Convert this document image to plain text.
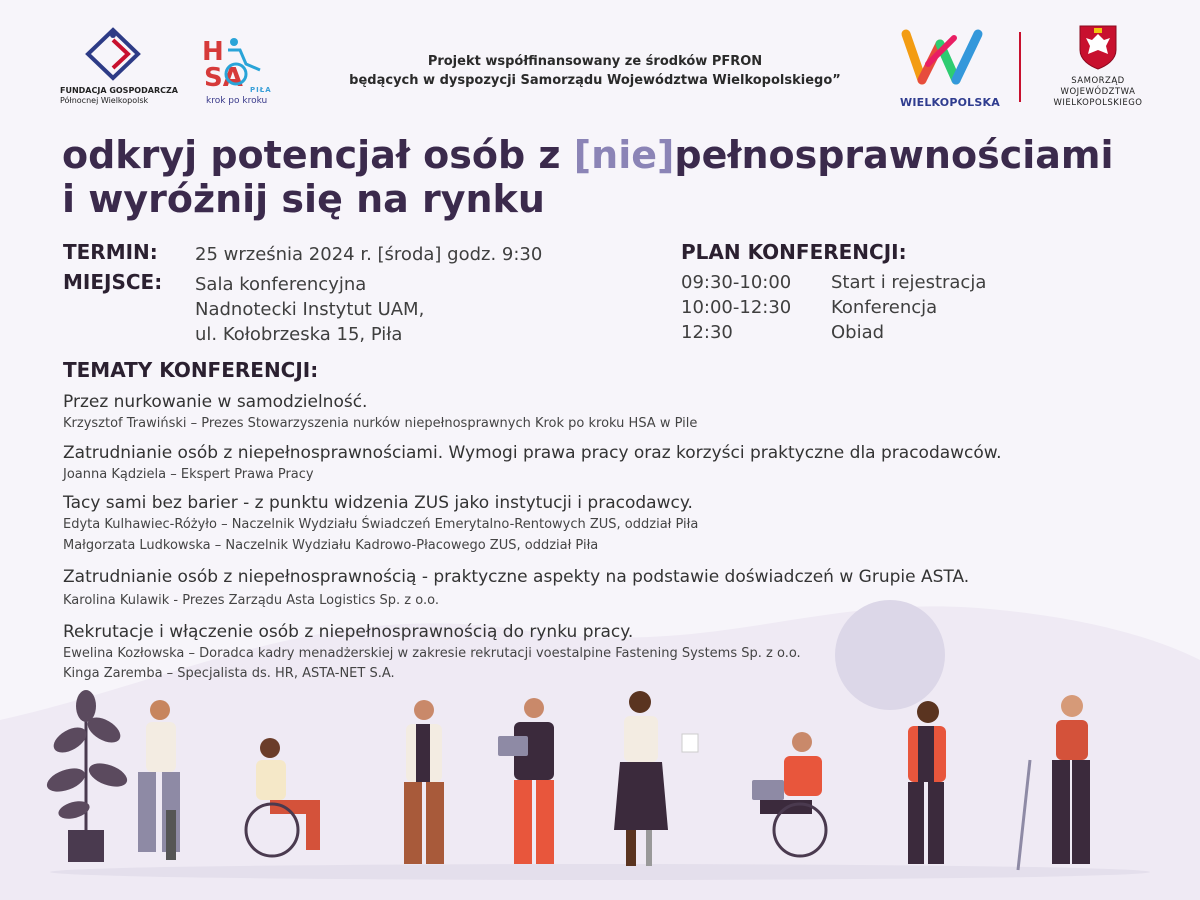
FUNDACJA GOSPODARCZA
Północnej Wielkopolsk
H
SA PIŁA
krok po kroku
Projekt współfinansowany ze środków PFRON
będących w dyspozycji Samorządu Województwa Wielkopolskiego”
WIELKOPOLSKA
SAMORZĄD
WOJEWÓDZTWA
WIELKOPOLSKIEGO
odkryj potencjał osób z [nie]pełnosprawnościami
i wyróżnij się na rynku
TERMIN: 25 września 2024 r. [środa] godz. 9:30
MIEJSCE: Sala konferencyjna
Nadnotecki Instytut UAM,
ul. Kołobrzeska 15, Piła
PLAN KONFERENCJI:
09:30-10:00 Start i rejestracja
10:00-12:30 Konferencja
12:30	Obiad
TEMATY KONFERENCJI:
Przez nurkowanie w samodzielność.
Krzysztof Trawiński – Prezes Stowarzyszenia nurków niepełnosprawnych Krok po kroku HSA w Pile
Zatrudnianie osób z niepełnosprawnościami. Wymogi prawa pracy oraz korzyści praktyczne dla pracodawców.
Joanna Kądziela – Ekspert Prawa Pracy
Tacy sami bez barier - z punktu widzenia ZUS jako instytucji i pracodawcy.
Edyta Kulhawiec-Różyło – Naczelnik Wydziału Świadczeń Emerytalno-Rentowych ZUS, oddział Piła
Małgorzata Ludkowska – Naczelnik Wydziału Kadrowo-Płacowego ZUS, oddział Piła
Zatrudnianie osób z niepełnosprawnością - praktyczne aspekty na podstawie doświadczeń w Grupie ASTA.
Karolina Kulawik - Prezes Zarządu Asta Logistics Sp. z o.o.
Rekrutacje i włączenie osób z niepełnosprawnością do rynku pracy.
Ewelina Kozłowska – Doradca kadry menadżerskiej w zakresie rekrutacji voestalpine Fastening Systems Sp. z o.o.
Kinga Zaremba – Specjalista ds. HR, ASTA-NET S.A.
